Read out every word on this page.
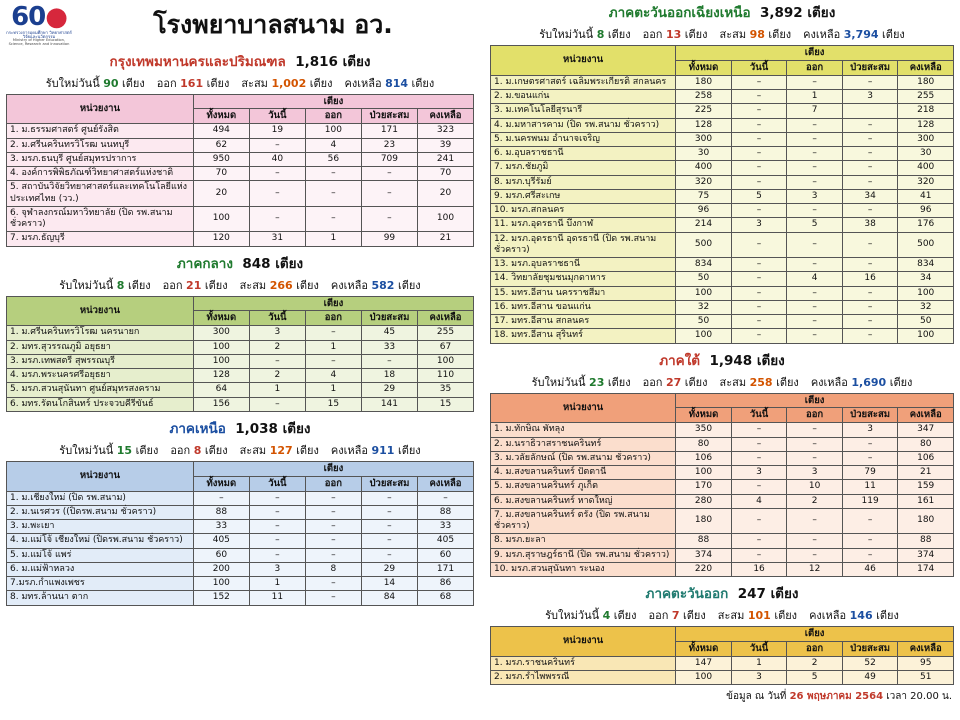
60●
กระทรวงการอุดมศึกษา วิทยาศาสตร์ วิจัยและนวัตกรรม
Ministry of Higher Education, Science, Research and Innovation
โรงพยาบาลสนาม อว.
กรุงเทพมหานครและปริมณฑล 1,816 เตียง
รับใหม่วันนี้ 90 เตียง ออก 161 เตียง สะสม 1,002 เตียง คงเหลือ 814 เตียง
หน่วยงาน	เตียง				
	ทั้งหมด	วันนี้	ออก	ป่วยสะสม	คงเหลือ
1. ม.ธรรมศาสตร์ ศูนย์รังสิต	494	19	100	171	323
2. ม.ศรีนครินทรวิโรฒ นนทบุรี	62	–	4	23	39
3. มรภ.ธนบุรี ศูนย์สมุทรปราการ	950	40	56	709	241
4. องค์การพิพิธภัณฑ์วิทยาศาสตร์แห่งชาติ	70	–	–	–	70
5. สถาบันวิจัยวิทยาศาสตร์และเทคโนโลยีแห่งประเทศไทย (วว.)	20	–	–	–	20
6. จุฬาลงกรณ์มหาวิทยาลัย (ปิด รพ.สนามชั่วคราว)	100	–	–	–	100
7. มรภ.ธัญบุรี	120	31	1	99	21
ภาคกลาง 848 เตียง
รับใหม่วันนี้ 8 เตียง ออก 21 เตียง สะสม 266 เตียง คงเหลือ 582 เตียง
หน่วยงาน	เตียง				
	ทั้งหมด	วันนี้	ออก	ป่วยสะสม	คงเหลือ
1. ม.ศรีนครินทรวิโรฒ นครนายก	300	3	–	45	255
2. มทร.สุวรรณภูมิ อยุธยา	100	2	1	33	67
3. มรภ.เทพสตรี สุพรรณบุรี	100	–	–	–	100
4. มรภ.พระนครศรีอยุธยา	128	2	4	18	110
5. มรภ.สวนสุนันทา ศูนย์สมุทรสงคราม	64	1	1	29	35
6. มทร.รัตนโกสินทร์ ประจวบคีรีขันธ์	156	–	15	141	15
ภาคเหนือ 1,038 เตียง
รับใหม่วันนี้ 15 เตียง ออก 8 เตียง สะสม 127 เตียง คงเหลือ 911 เตียง
หน่วยงาน	เตียง				
	ทั้งหมด	วันนี้	ออก	ป่วยสะสม	คงเหลือ
1. ม.เชียงใหม่ (ปิด รพ.สนาม)	–	–	–	–	–
2. ม.นเรศวร ((ปิดรพ.สนาม ชั่วคราว)	88	–	–	–	88
3. ม.พะเยา	33	–	–	–	33
4. ม.แม่โจ้ เชียงใหม่ (ปิดรพ.สนาม ชั่วคราว)	405	–	–	–	405
5. ม.แม่โจ้ แพร่	60	–	–	–	60
6. ม.แม่ฟ้าหลวง	200	3	8	29	171
7.มรภ.กำแพงเพชร	100	1	–	14	86
8. มทร.ล้านนา ตาก	152	11	–	84	68
ภาคตะวันออกเฉียงเหนือ 3,892 เตียง
รับใหม่วันนี้ 8 เตียง ออก 13 เตียง สะสม 98 เตียง คงเหลือ 3,794 เตียง
หน่วยงาน	เตียง				
	ทั้งหมด	วันนี้	ออก	ป่วยสะสม	คงเหลือ
1. ม.เกษตรศาสตร์ เฉลิมพระเกียรติ สกลนคร	180	–	–	–	180
2. ม.ขอนแก่น	258	–	1	3	255
3. ม.เทคโนโลยีสุรนารี	225	–	7		218
4. ม.มหาสารคาม (ปิด รพ.สนาม ชั่วคราว)	128	–	–	–	128
5. ม.นครพนม อำนาจเจริญ	300	–	–	–	300
6. ม.อุบลราชธานี	30	–	–	–	30
7. มรภ.ชัยภูมิ	400	–	–	–	400
8. มรภ.บุรีรัมย์	320	–	–	–	320
9. มรภ.ศรีสะเกษ	75	5	3	34	41
10. มรภ.สกลนคร	96	–	–	–	96
11. มรภ.อุดรธานี บึงกาฬ	214	3	5	38	176
12. มรภ.อุดรธานี อุดรธานี (ปิด รพ.สนาม ชั่วคราว)	500	–	–	–	500
13. มรภ.อุบลราชธานี	834	–	–	–	834
14. วิทยาลัยชุมชนมุกดาหาร	50	–	4	16	34
15. มทร.อีสาน นครราชสีมา	100	–	–	–	100
16. มทร.อีสาน ขอนแก่น	32	–	–	–	32
17. มทร.อีสาน สกลนคร	50	–	–	–	50
18. มทร.อีสาน สุรินทร์	100	–	–	–	100
ภาคใต้ 1,948 เตียง
รับใหม่วันนี้ 23 เตียง ออก 27 เตียง สะสม 258 เตียง คงเหลือ 1,690 เตียง
หน่วยงาน	เตียง				
	ทั้งหมด	วันนี้	ออก	ป่วยสะสม	คงเหลือ
1. ม.ทักษิณ พัทลุง	350	–	–	3	347
2. ม.นราธิวาสราชนครินทร์	80	–	–	–	80
3. ม.วลัยลักษณ์ (ปิด รพ.สนาม ชั่วคราว)	106	–	–	–	106
4. ม.สงขลานครินทร์ ปัตตานี	100	3	3	79	21
5. ม.สงขลานครินทร์ ภูเก็ต	170	–	10	11	159
6. ม.สงขลานครินทร์ หาดใหญ่	280	4	2	119	161
7. ม.สงขลานครินทร์ ตรัง (ปิด รพ.สนาม ชั่วคราว)	180	–	–	–	180
8. มรภ.ยะลา	88	–	–	–	88
9. มรภ.สุราษฎร์ธานี (ปิด รพ.สนาม ชั่วคราว)	374	–	–	–	374
10. มรภ.สวนสุนันทา ระนอง	220	16	12	46	174
ภาคตะวันออก 247 เตียง
รับใหม่วันนี้ 4 เตียง ออก 7 เตียง สะสม 101 เตียง คงเหลือ 146 เตียง
หน่วยงาน	เตียง				
	ทั้งหมด	วันนี้	ออก	ป่วยสะสม	คงเหลือ
1. มรภ.ราชนครินทร์	147	1	2	52	95
2. มรภ.รำไพพรรณี	100	3	5	49	51
ข้อมูล ณ วันที่ 26 พฤษภาคม 2564 เวลา 20.00 น.
